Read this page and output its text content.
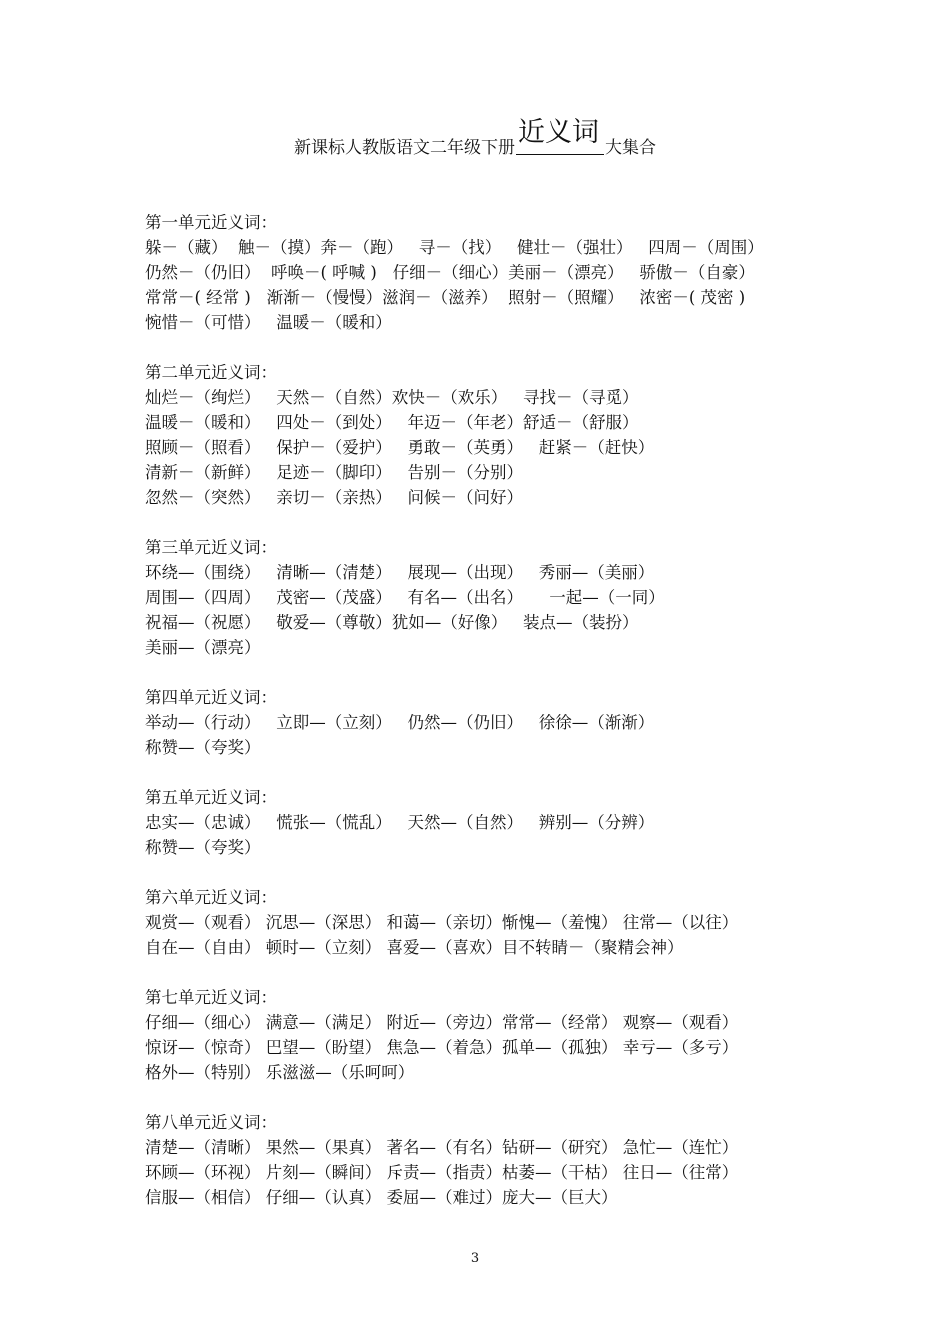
新课标人教版语文二年级下册 近义词 大集合
第一单元近义词：
躲－（藏）  触－（摸）奔－（跑）   寻－（找）   健壮－（强壮）   四周－（周围）
仍然－（仍旧）  呼唤－( 呼喊 )   仔细－（细心）美丽－（漂亮）   骄傲－（自豪）
常常－( 经常 )   渐渐－（慢慢）滋润－（滋养）  照射－（照耀）   浓密－( 茂密 )
惋惜－（可惜）   温暖－（暖和）
第二单元近义词：
灿烂－（绚烂）   天然－（自然）欢快－（欢乐）   寻找－（寻觅）
温暖－（暖和）   四处－（到处）   年迈－（年老）舒适－（舒服）
照顾－（照看）   保护－（爱护）   勇敢－（英勇）   赶紧－（赶快）
清新－（新鲜）   足迹－（脚印）   告别－（分别）
忽然－（突然）   亲切－（亲热）   问候－（问好）
第三单元近义词：
环绕—（围绕）   清晰—（清楚）   展现—（出现）   秀丽—（美丽）
周围—（四周）   茂密—（茂盛）   有名—（出名）     一起—（一同）
祝福—（祝愿）   敬爱—（尊敬）犹如—（好像）   装点—（装扮）
美丽—（漂亮）
第四单元近义词：
举动—（行动）   立即—（立刻）   仍然—（仍旧）   徐徐—（渐渐）
称赞—（夸奖）
第五单元近义词：
忠实—（忠诚）   慌张—（慌乱）   天然—（自然）   辨别—（分辨）
称赞—（夸奖）
第六单元近义词：
观赏—（观看） 沉思—（深思） 和蔼—（亲切）惭愧—（羞愧） 往常—（以往）
自在—（自由） 顿时—（立刻） 喜爱—（喜欢）目不转睛－（聚精会神）
第七单元近义词：
仔细—（细心） 满意—（满足） 附近—（旁边）常常—（经常） 观察—（观看）
惊讶—（惊奇） 巴望—（盼望） 焦急—（着急）孤单—（孤独） 幸亏—（多亏）
格外—（特别） 乐滋滋—（乐呵呵）
第八单元近义词：
清楚—（清晰） 果然—（果真） 著名—（有名）钻研—（研究） 急忙—（连忙）
环顾—（环视） 片刻—（瞬间） 斥责—（指责）枯萎—（干枯） 往日—（往常）
信服—（相信） 仔细—（认真） 委屈—（难过）庞大—（巨大）
3
